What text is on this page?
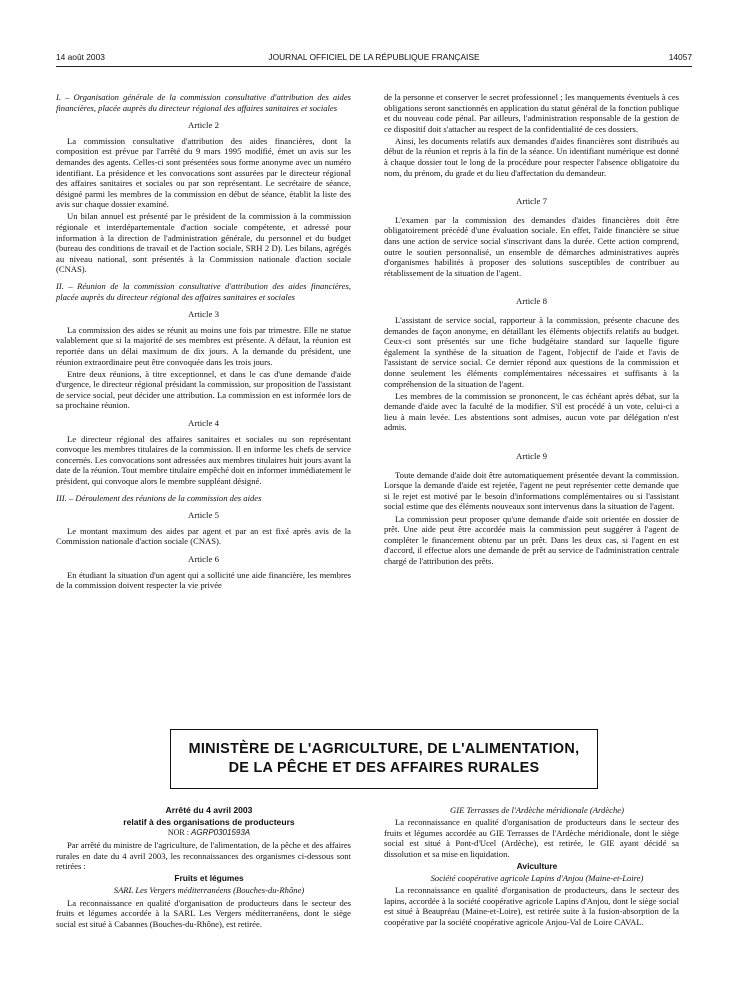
14 août 2003	JOURNAL OFFICIEL DE LA RÉPUBLIQUE FRANÇAISE	14057

I. – Organisation générale de la commission consultative d'attribution des aides financières, placée auprès du directeur régional des affaires sanitaires et sociales

Article 2

La commission consultative d'attribution des aides financières, dont la composition est prévue par l'arrêté du 9 mars 1995 modifié, émet un avis sur les demandes des agents. Celles-ci sont présentées sous forme anonyme avec un numéro identifiant. La présidence et les convocations sont assurées par le directeur régional des affaires sanitaires et sociales ou par son représentant. Le secrétaire de séance, désigné parmi les membres de la commission en début de séance, établit la liste des avis sur chaque dossier examiné.

Un bilan annuel est présenté par le président de la commission à la commission régionale et interdépartementale d'action sociale compétente, et adressé pour information à la direction de l'administration générale, du personnel et du budget (bureau des conditions de travail et de l'action sociale, SRH 2 D). Les bilans, agrégés au niveau national, sont présentés à la Commission nationale d'action sociale (CNAS).

II. – Réunion de la commission consultative d'attribution des aides financières, placée auprès du directeur régional des affaires sanitaires et sociales

Article 3

La commission des aides se réunit au moins une fois par trimestre. Elle ne statue valablement que si la majorité de ses membres est présente. A défaut, la réunion est reportée dans un délai maximum de dix jours. A la demande du président, une réunion extraordinaire peut être convoquée dans les trois jours.

Entre deux réunions, à titre exceptionnel, et dans le cas d'une demande d'aide d'urgence, le directeur régional présidant la commission, sur proposition de l'assistant de service social, peut décider une attribution. La commission en est informée lors de sa prochaine réunion.

Article 4

Le directeur régional des affaires sanitaires et sociales ou son représentant convoque les membres titulaires de la commission. Il en informe les chefs de service concernés. Les convocations sont adressées aux membres titulaires huit jours avant la date de la réunion. Tout membre titulaire empêché doit en informer immédiatement le président, qui convoque alors le membre suppléant désigné.

III. – Déroulement des réunions de la commission des aides

Article 5

Le montant maximum des aides par agent et par an est fixé après avis de la Commission nationale d'action sociale (CNAS).

Article 6

En étudiant la situation d'un agent qui a sollicité une aide financière, les membres de la commission doivent respecter la vie privée

de la personne et conserver le secret professionnel ; les manquements éventuels à ces obligations seront sanctionnés en application du statut général de la fonction publique et du nouveau code pénal. Par ailleurs, l'administration responsable de la gestion de ce dispositif doit s'attacher au respect de la confidentialité de ces dossiers.

Ainsi, les documents relatifs aux demandes d'aides financières sont distribués au début de la réunion et repris à la fin de la séance. Un identifiant numérique est donné à chaque dossier tout le long de la procédure pour respecter l'absence obligatoire du nom, du prénom, du grade et du lieu d'affectation du demandeur.

Article 7

L'examen par la commission des demandes d'aides financières doit être obligatoirement précédé d'une évaluation sociale. En effet, l'aide financière se situe dans une action de service social s'inscrivant dans la durée. Cette action comprend, outre le soutien personnalisé, un ensemble de démarches administratives auprès d'organismes habilités à proposer des solutions susceptibles de contribuer au rétablissement de la situation de l'agent.

Article 8

L'assistant de service social, rapporteur à la commission, présente chacune des demandes de façon anonyme, en détaillant les éléments objectifs relatifs au budget. Ceux-ci sont présentés sur une fiche budgétaire standard sur laquelle figure également la synthèse de la situation de l'agent, l'objectif de l'aide et l'avis de l'assistant de service social. Ce dernier répond aux questions de la commission et donne seulement les éléments complémentaires nécessaires et suffisants à la compréhension de la situation de l'agent.

Les membres de la commission se prononcent, le cas échéant après débat, sur la demande d'aide avec la faculté de la modifier. S'il est procédé à un vote, celui-ci a lieu à main levée. Les abstentions sont admises, aucun vote par délégation n'est admis.

Article 9

Toute demande d'aide doit être automatiquement présentée devant la commission. Lorsque la demande d'aide est rejetée, l'agent ne peut représenter cette demande que si le rejet est motivé par le besoin d'informations complémentaires ou si l'assistant social estime que des éléments nouveaux sont intervenus dans la situation de l'agent.

La commission peut proposer qu'une demande d'aide soit orientée en dossier de prêt. Une aide peut être accordée mais la commission peut suggérer à l'agent de compléter le financement obtenu par un prêt. Dans les deux cas, si l'agent en est d'accord, il effectue alors une demande de prêt au service de l'administration centrale chargé de l'attribution des prêts.

MINISTÈRE DE L'AGRICULTURE, DE L'ALIMENTATION,
DE LA PÊCHE ET DES AFFAIRES RURALES

Arrêté du 4 avril 2003

relatif à des organisations de producteurs

NOR : AGRP0301593A

Par arrêté du ministre de l'agriculture, de l'alimentation, de la pêche et des affaires rurales en date du 4 avril 2003, les reconnaissances des organismes ci-dessous sont retirées :

Fruits et légumes

SARL Les Vergers méditerranéens (Bouches-du-Rhône)

La reconnaissance en qualité d'organisation de producteurs dans le secteur des fruits et légumes accordée à la SARL Les Vergers méditerranéens, dont le siège social est situé à Cabannes (Bouches-du-Rhône), est retirée.

GIE Terrasses de l'Ardèche méridionale (Ardèche)

La reconnaissance en qualité d'organisation de producteurs dans le secteur des fruits et légumes accordée au GIE Terrasses de l'Ardèche méridionale, dont le siège social est situé à Pont-d'Ucel (Ardèche), est retirée, le GIE ayant décidé sa dissolution et sa mise en liquidation.

Aviculture

Société coopérative agricole Lapins d'Anjou (Maine-et-Loire)

La reconnaissance en qualité d'organisation de producteurs, dans le secteur des lapins, accordée à la société coopérative agricole Lapins d'Anjou, dont le siège social est situé à Beaupréau (Maine-et-Loire), est retirée suite à la fusion-absorption de la coopérative par la société coopérative agricole Anjou-Val de Loire CAVAL.
